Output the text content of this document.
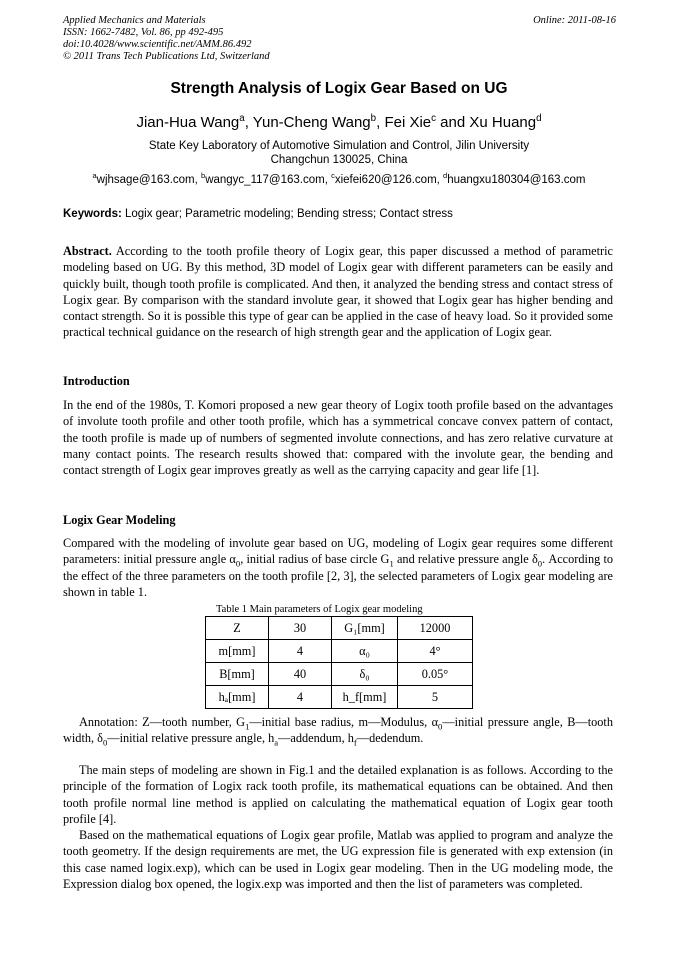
Applied Mechanics and Materials
ISSN: 1662-7482, Vol. 86, pp 492-495
doi:10.4028/www.scientific.net/AMM.86.492
© 2011 Trans Tech Publications Ltd, Switzerland
Online: 2011-08-16
Strength Analysis of Logix Gear Based on UG
Jian-Hua Wang$^a$, Yun-Cheng Wang$^b$, Fei Xie$^c$ and Xu Huang$^d$
State Key Laboratory of Automotive Simulation and Control, Jilin University
Changchun 130025, China
$^a$wjhsage@163.com, $^b$wangyc_117@163.com, $^c$xiefei620@126.com, $^d$huangxu180304@163.com
Keywords: Logix gear; Parametric modeling; Bending stress; Contact stress

Abstract. According to the tooth profile theory of Logix gear, this paper discussed a method of parametric modeling based on UG. By this method, 3D model of Logix gear with different parameters can be easily and quickly built, though tooth profile is complicated. And then, it analyzed the bending stress and contact stress of Logix gear. By comparison with the standard involute gear, it showed that Logix gear has higher bending and contact strength. So it is possible this type of gear can be applied in the case of heavy load. So it provided some practical technical guidance on the research of high strength gear and the application of Logix gear.

Introduction

In the end of the 1980s, T. Komori proposed a new gear theory of Logix tooth profile based on the advantages of involute tooth profile and other tooth profile, which has a symmetrical concave convex pattern of contact, the tooth profile is made up of numbers of segmented involute connections, and has zero relative curvature at many contact points. The research results showed that: compared with the involute gear, the bending and contact strength of Logix gear improves greatly as well as the carrying capacity and gear life [1].

Logix Gear Modeling

Compared with the modeling of involute gear based on UG, modeling of Logix gear requires some different parameters: initial pressure angle $\alpha_0$, initial radius of base circle $G_1$ and relative pressure angle $\delta_0$. According to the effect of the three parameters on the tooth profile [2, 3], the selected parameters of Logix gear modeling are shown in table 1.

Table 1 Main parameters of Logix gear modeling
Z	30	G₁[mm]	12000
m[mm]	4	α₀	4°
B[mm]	40	δ₀	0.05°
hₐ[mm]	4	h_f[mm]	5

Annotation: Z—tooth number, $G_1—initial$ base radius, m—Modulus, $\alpha_0—initial$ pressure angle, B—tooth width, $\delta_0—initial$ relative pressure angle, $h_a—addendum$, $h_f—dedendum$.

The main steps of modeling are shown in Fig.1 and the detailed explanation is as follows. According to the principle of the formation of Logix rack tooth profile, its mathematical equations can be obtained. And then tooth profile normal line method is applied on calculating the mathematical equation of Logix gear tooth profile [4].

Based on the mathematical equations of Logix gear profile, Matlab was applied to program and analyze the tooth geometry. If the design requirements are met, the UG expression file is generated with exp extension (in this case named logix.exp), which can be used in Logix gear modeling. Then in the UG modeling mode, the Expression dialog box opened, the logix.exp was imported and then the list of parameters was completed.
